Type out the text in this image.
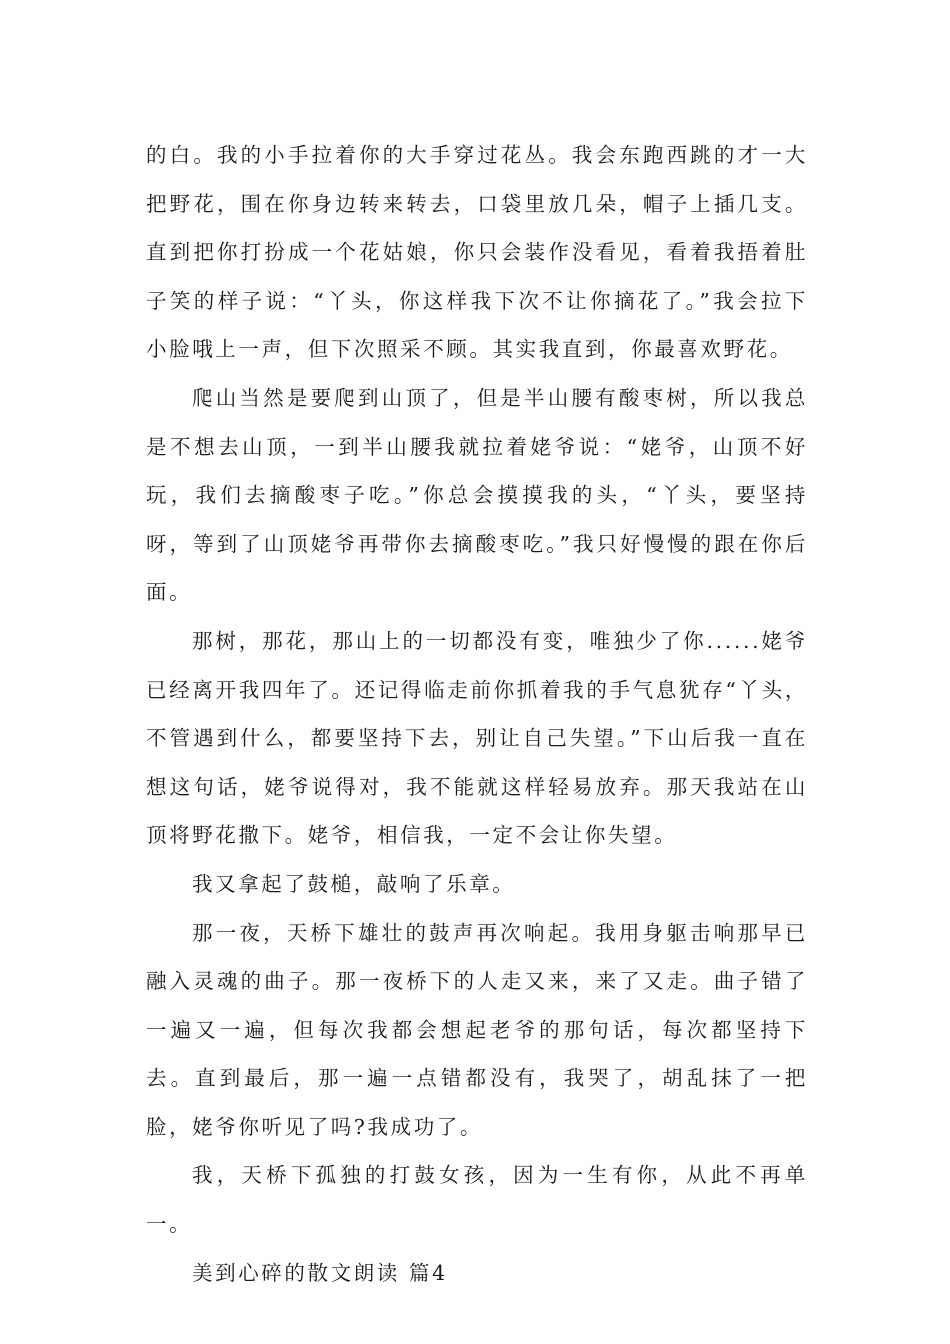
的白。我的小手拉着你的大手穿过花丛。我会东跑西跳的才一大把野花，围在你身边转来转去，口袋里放几朵，帽子上插几支。直到把你打扮成一个花姑娘，你只会装作没看见，看着我捂着肚子笑的样子说：“丫头，你这样我下次不让你摘花了。”我会拉下小脸哦上一声，但下次照采不顾。其实我直到，你最喜欢野花。

爬山当然是要爬到山顶了，但是半山腰有酸枣树，所以我总是不想去山顶，一到半山腰我就拉着姥爷说：“姥爷，山顶不好玩，我们去摘酸枣子吃。”你总会摸摸我的头，“丫头，要坚持呀，等到了山顶姥爷再带你去摘酸枣吃。”我只好慢慢的跟在你后面。

那树，那花，那山上的一切都没有变，唯独少了你......姥爷已经离开我四年了。还记得临走前你抓着我的手气息犹存“丫头，不管遇到什么，都要坚持下去，别让自己失望。”下山后我一直在想这句话，姥爷说得对，我不能就这样轻易放弃。那天我站在山顶将野花撒下。姥爷，相信我，一定不会让你失望。

我又拿起了鼓槌，敲响了乐章。

那一夜，天桥下雄壮的鼓声再次响起。我用身躯击响那早已融入灵魂的曲子。那一夜桥下的人走又来，来了又走。曲子错了一遍又一遍，但每次我都会想起老爷的那句话，每次都坚持下去。直到最后，那一遍一点错都没有，我哭了，胡乱抹了一把脸，姥爷你听见了吗?我成功了。

我，天桥下孤独的打鼓女孩，因为一生有你，从此不再单一。

美到心碎的散文朗读 篇4
